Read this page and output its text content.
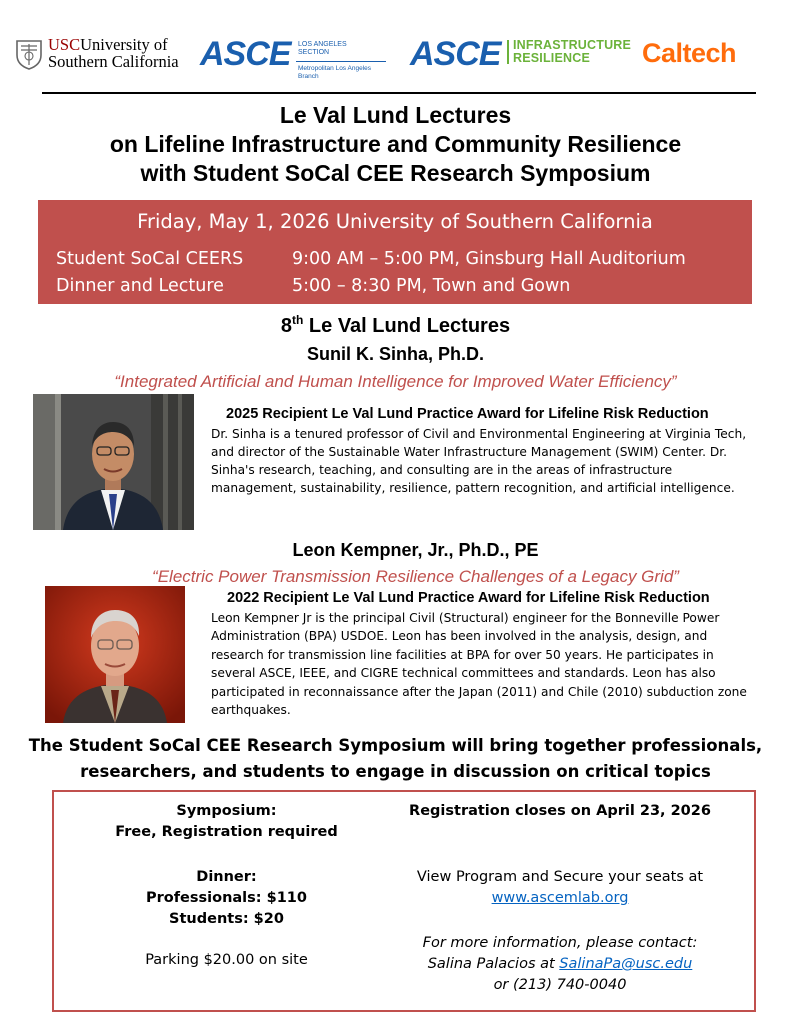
USCUniversity of
Southern California ASCE LOS ANGELES SECTION
Metropolitan Los Angeles Branch
ASCE INFRASTRUCTURE
RESILIENCE	Caltech
Le Val Lund Lectures
on Lifeline Infrastructure and Community Resilience
with Student SoCal CEE Research Symposium
Friday, May 1, 2026 University of Southern California
Student SoCal CEERS	9:00 AM – 5:00 PM, Ginsburg Hall Auditorium
Dinner and Lecture	5:00 – 8:30 PM, Town and Gown
8th Le Val Lund Lectures
Sunil K. Sinha, Ph.D.
“Integrated Artificial and Human Intelligence for Improved Water Efficiency”
2025 Recipient Le Val Lund Practice Award for Lifeline Risk Reduction
Dr. Sinha is a tenured professor of Civil and Environmental Engineering at Virginia Tech, and director of the Sustainable Water Infrastructure Management (SWIM) Center. Dr. Sinha's research, teaching, and consulting are in the areas of infrastructure management, sustainability, resilience, pattern recognition, and artificial intelligence.
Leon Kempner, Jr., Ph.D., PE
“Electric Power Transmission Resilience Challenges of a Legacy Grid”
2022 Recipient Le Val Lund Practice Award for Lifeline Risk Reduction
Leon Kempner Jr is the principal Civil (Structural) engineer for the Bonneville Power Administration (BPA) USDOE. Leon has been involved in the analysis, design, and research for transmission line facilities at BPA for over 50 years. He participates in several ASCE, IEEE, and CIGRE technical committees and standards. Leon has also participated in reconnaissance after the Japan (2011) and Chile (2010) subduction zone earthquakes.
The Student SoCal CEE Research Symposium will bring together professionals,
researchers, and students to engage in discussion on critical topics
Symposium:
Free, Registration required
Dinner:
Professionals: $110
Students: $20
Parking $20.00 on site
Registration closes on April 23, 2026
View Program and Secure your seats at
www.ascemlab.org
For more information, please contact:
Salina Palacios at SalinaPa@usc.edu
or (213) 740-0040
